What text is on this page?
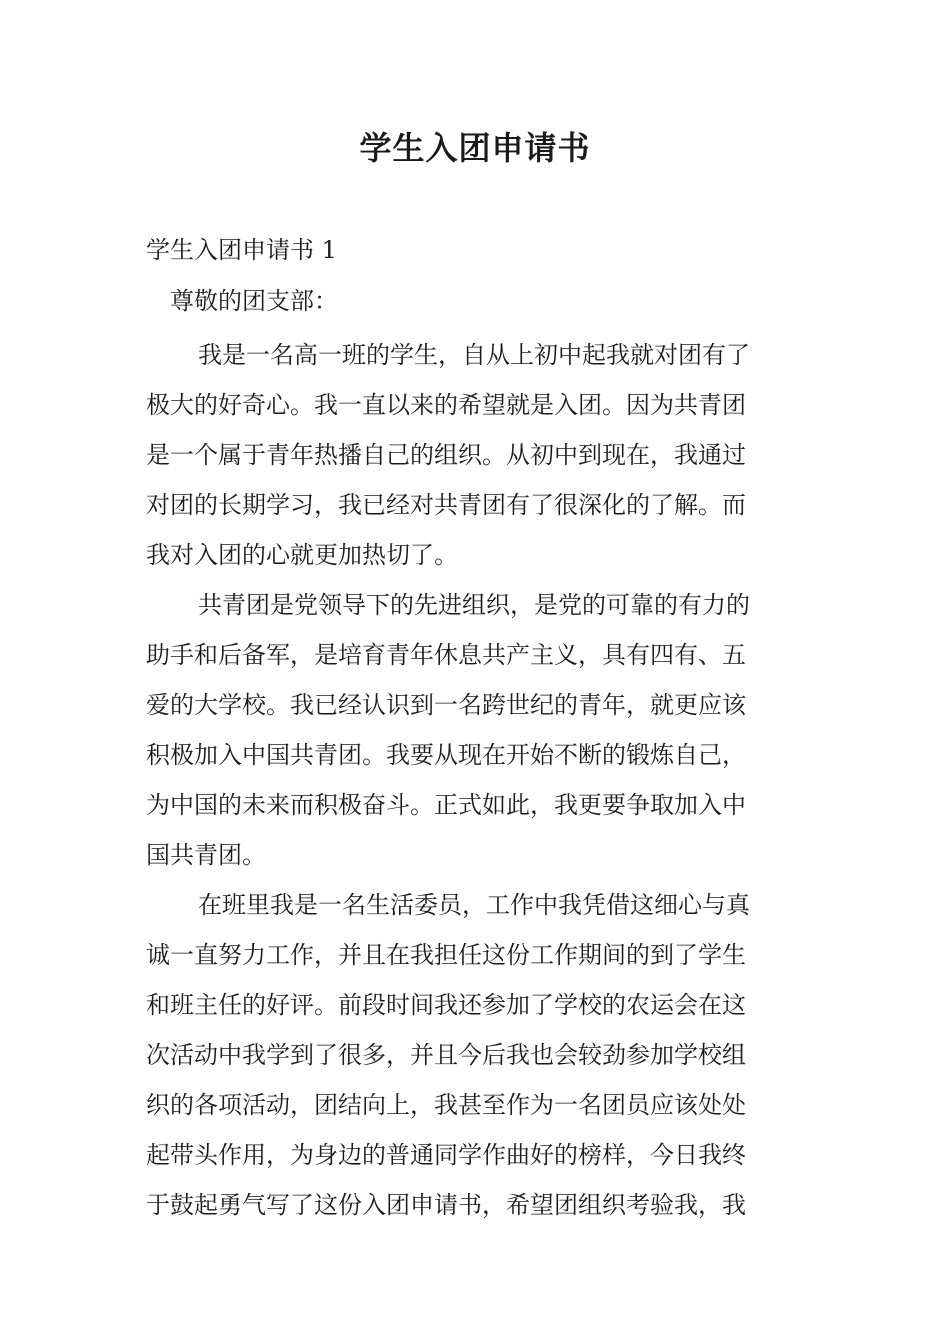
学生入团申请书

学生入团申请书 1

尊敬的团支部：

我是一名高一班的学生，自从上初中起我就对团有了
极大的好奇心。我一直以来的希望就是入团。因为共青团
是一个属于青年热播自己的组织。从初中到现在，我通过
对团的长期学习，我已经对共青团有了很深化的了解。而
我对入团的心就更加热切了。

共青团是党领导下的先进组织，是党的可靠的有力的
助手和后备军，是培育青年休息共产主义，具有四有、五
爱的大学校。我已经认识到一名跨世纪的青年，就更应该
积极加入中国共青团。我要从现在开始不断的锻炼自己，
为中国的未来而积极奋斗。正式如此，我更要争取加入中
国共青团。

在班里我是一名生活委员，工作中我凭借这细心与真
诚一直努力工作，并且在我担任这份工作期间的到了学生
和班主任的好评。前段时间我还参加了学校的农运会在这
次活动中我学到了很多，并且今后我也会较劲参加学校组
织的各项活动，团结向上，我甚至作为一名团员应该处处
起带头作用，为身边的普通同学作曲好的榜样，今日我终
于鼓起勇气写了这份入团申请书，希望团组织考验我，我
